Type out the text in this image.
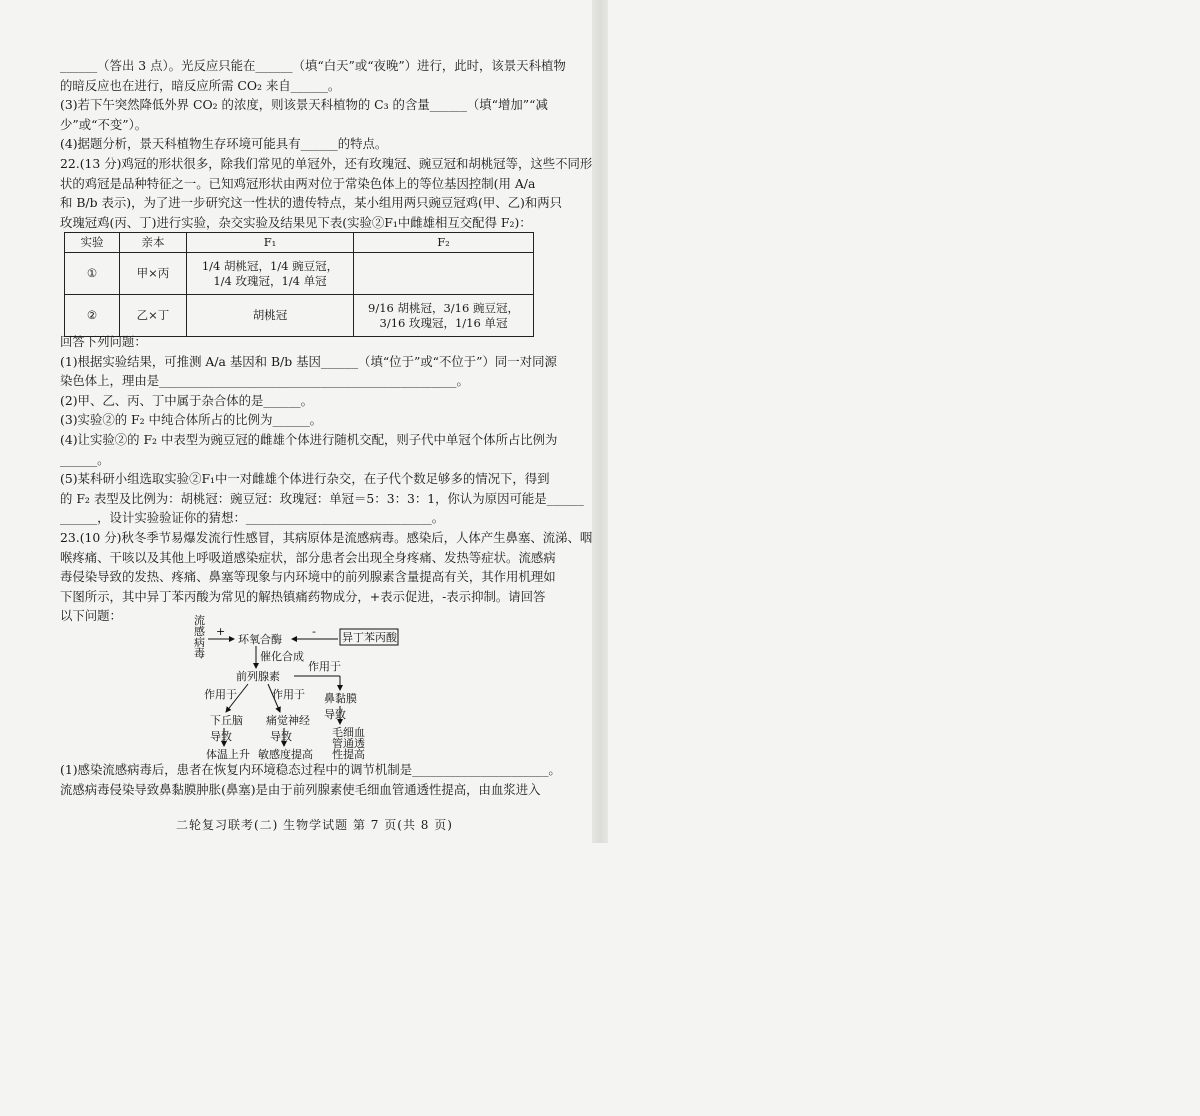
______（答出 3 点）。光反应只能在______（填“白天”或“夜晚”）进行，此时，该景天科植物
的暗反应也在进行，暗反应所需 CO₂ 来自______。
(3)若下午突然降低外界 CO₂ 的浓度，则该景天科植物的 C₃ 的含量______（填“增加”“减
少”或“不变”）。
(4)据题分析，景天科植物生存环境可能具有______的特点。
22.(13 分)鸡冠的形状很多，除我们常见的单冠外，还有玫瑰冠、豌豆冠和胡桃冠等，这些不同形
状的鸡冠是品种特征之一。已知鸡冠形状由两对位于常染色体上的等位基因控制(用 A/a
和 B/b 表示)，为了进一步研究这一性状的遗传特点，某小组用两只豌豆冠鸡(甲、乙)和两只
玫瑰冠鸡(丙、丁)进行实验，杂交实验及结果见下表(实验②F₁中雌雄相互交配得 F₂)：
实验	亲本	F₁	F₂
①	甲×丙	1/4 胡桃冠，1/4 豌豆冠，
1/4 玫瑰冠，1/4 单冠	

②	乙×丁	胡桃冠	9/16 胡桃冠，3/16 豌豆冠，
3/16 玫瑰冠，1/16 单冠
回答下列问题：
(1)根据实验结果，可推测 A/a 基因和 B/b 基因______（填“位于”或“不位于”）同一对同源
染色体上，理由是________________________________________________。
(2)甲、乙、丙、丁中属于杂合体的是______。
(3)实验②的 F₂ 中纯合体所占的比例为______。
(4)让实验②的 F₂ 中表型为豌豆冠的雌雄个体进行随机交配，则子代中单冠个体所占比例为
______。
(5)某科研小组选取实验②F₁中一对雌雄个体进行杂交，在子代个数足够多的情况下，得到
的 F₂ 表型及比例为：胡桃冠：豌豆冠：玫瑰冠：单冠＝5：3：3：1，你认为原因可能是______
______，设计实验验证你的猜想：______________________________。
23.(10 分)秋冬季节易爆发流行性感冒，其病原体是流感病毒。感染后，人体产生鼻塞、流涕、咽
喉疼痛、干咳以及其他上呼吸道感染症状，部分患者会出现全身疼痛、发热等症状。流感病
毒侵染导致的发热、疼痛、鼻塞等现象与内环境中的前列腺素含量提高有关，其作用机理如
下图所示，其中异丁苯丙酸为常见的解热镇痛药物成分，+表示促进，-表示抑制。请回答
以下问题：	流感病毒
+
环氧合酶
- 异丁苯丙酸
催化合成
前列腺素
作用于
作用于	作用于 鼻黏膜
导致
下丘脑 痛觉神经
导致	导致
体温上升 敏感度提高
毛细血管通透性提高
(1)感染流感病毒后，患者在恢复内环境稳态过程中的调节机制是______________________。
流感病毒侵染导致鼻黏膜肿胀(鼻塞)是由于前列腺素使毛细血管通透性提高，由血浆进入
二轮复习联考(二) 生物学试题 第 7 页(共 8 页)
